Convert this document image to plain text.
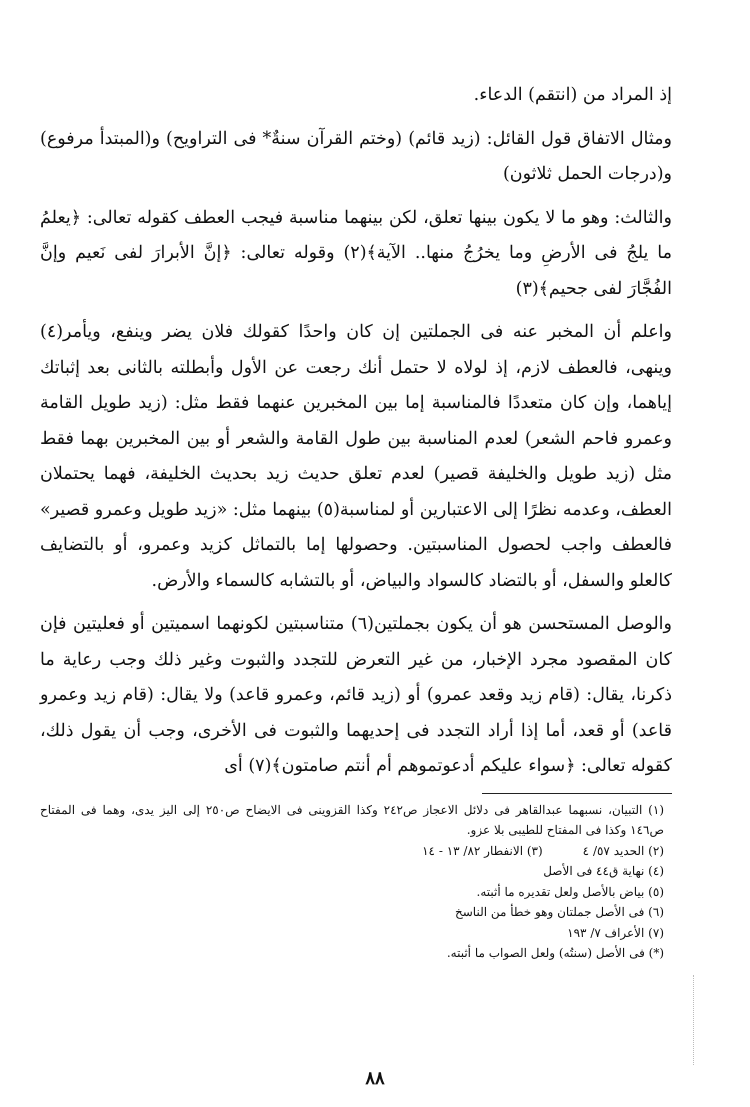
إذ المراد من (انتقم) الدعاء.

ومثال الاتفاق قول القائل: (زيد قائم) (وختم القرآن سنةٌ* فى التراويح) و(المبتدأ مرفوع) و(درجات الحمل ثلاثون)

والثالث: وهو ما لا يكون بينها تعلق، لكن بينهما مناسبة فيجب العطف كقوله تعالى: ﴿يعلمُ ما يلجُ فى الأرضِ وما يخرُجُ منها.. الآية﴾(٢) وقوله تعالى: ﴿إنَّ الأبرارَ لفى نَعيم وإنَّ الفُجَّارَ لفى جحيم﴾(٣)

واعلم أن المخبر عنه فى الجملتين إن كان واحدًا كقولك فلان يضر وينفع، ويأمر(٤) وينهى، فالعطف لازم، إذ لولاه لا حتمل أنك رجعت عن الأول وأبطلته بالثانى بعد إثباتك إياهما، وإن كان متعددًا فالمناسبة إما بين المخبرين عنهما فقط مثل: (زيد طويل القامة وعمرو فاحم الشعر) لعدم المناسبة بين طول القامة والشعر أو بين المخبرين بهما فقط مثل (زيد طويل والخليفة قصير) لعدم تعلق حديث زيد بحديث الخليفة، فهما يحتملان العطف، وعدمه نظرًا إلى الاعتبارين أو لمناسبة(٥) بينهما مثل: «زيد طويل وعمرو قصير» فالعطف واجب لحصول المناسبتين. وحصولها إما بالتماثل كزيد وعمرو، أو بالتضايف كالعلو والسفل، أو بالتضاد كالسواد والبياض، أو بالتشابه كالسماء والأرض.

والوصل المستحسن هو أن يكون بجملتين(٦) متناسبتين لكونهما اسميتين أو فعليتين فإن كان المقصود مجرد الإخبار، من غير التعرض للتجدد والثبوت وغير ذلك وجب رعاية ما ذكرنا، يقال: (قام زيد وقعد عمرو) أو (زيد قائم، وعمرو قاعد) ولا يقال: (قام زيد وعمرو قاعد) أو قعد، أما إذا أراد التجدد فى إحديهما والثبوت فى الأخرى، وجب أن يقول ذلك، كقوله تعالى: ﴿سواء عليكم أدعوتموهم أم أنتم صامتون﴾(٧) أى

(١) التبيان، نسبهما عبدالقاهر فى دلائل الاعجاز ص٢٤٢ وكذا القزوينى فى الايضاح ص٢٥٠ إلى اليز يدى، وهما فى المفتاح ص١٤٦ وكذا فى المفتاح للطيبى بلا عزو.

(٢) الحديد ٥٧/ ٤
(٣) الانفطار ٨٢/ ١٣ - ١٤

(٤) نهاية ق٤٤ فى الأصل

(٥) بياض بالأصل ولعل تقديره ما أثبته.

(٦) فى الأصل جملتان وهو خطأ من الناسخ

(٧) الأعراف ٧/ ١٩٣

(*) فى الأصل (سنتُه) ولعل الصواب ما أثبته.

٨٨
